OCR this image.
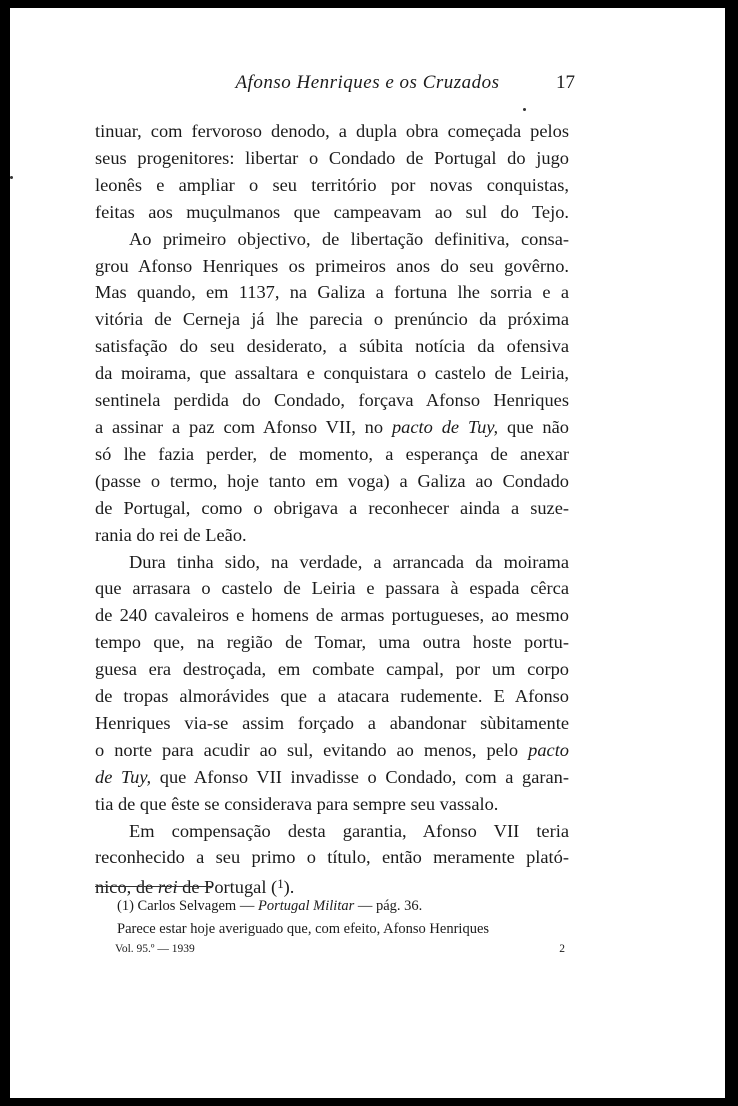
Afonso Henriques e os Cruzados	17

tinuar, com fervoroso denodo, a dupla obra começada pelos
seus progenitores: libertar o Condado de Portugal do jugo
leonês e ampliar o seu território por novas conquistas,
feitas aos muçulmanos que campeavam ao sul do Tejo.

Ao primeiro objectivo, de libertação definitiva, consa-
grou Afonso Henriques os primeiros anos do seu govêrno.
Mas quando, em 1137, na Galiza a fortuna lhe sorria e a
vitória de Cerneja já lhe parecia o prenúncio da próxima
satisfação do seu desiderato, a súbita notícia da ofensiva
da moirama, que assaltara e conquistara o castelo de Leiria,
sentinela perdida do Condado, forçava Afonso Henriques
a assinar a paz com Afonso VII, no pacto de Tuy, que não
só lhe fazia perder, de momento, a esperança de anexar
(passe o termo, hoje tanto em voga) a Galiza ao Condado
de Portugal, como o obrigava a reconhecer ainda a suze-
rania do rei de Leão.

Dura tinha sido, na verdade, a arrancada da moirama
que arrasara o castelo de Leiria e passara à espada cêrca
de 240 cavaleiros e homens de armas portugueses, ao mesmo
tempo que, na região de Tomar, uma outra hoste portu-
guesa era destroçada, em combate campal, por um corpo
de tropas almorávides que a atacara rudemente. E Afonso
Henriques via-se assim forçado a abandonar sùbitamente
o norte para acudir ao sul, evitando ao menos, pelo pacto
de Tuy, que Afonso VII invadisse o Condado, com a garan-
tia de que êste se considerava para sempre seu vassalo.

Em compensação desta garantia, Afonso VII teria
reconhecido a seu primo o título, então meramente plató-
nico, de rei de Portugal ($^1$).

(1) Carlos Selvagem — Portugal Militar — pág. 36.
Parece estar hoje averiguado que, com efeito, Afonso Henriques
Vol. 95.º — 1939	2
